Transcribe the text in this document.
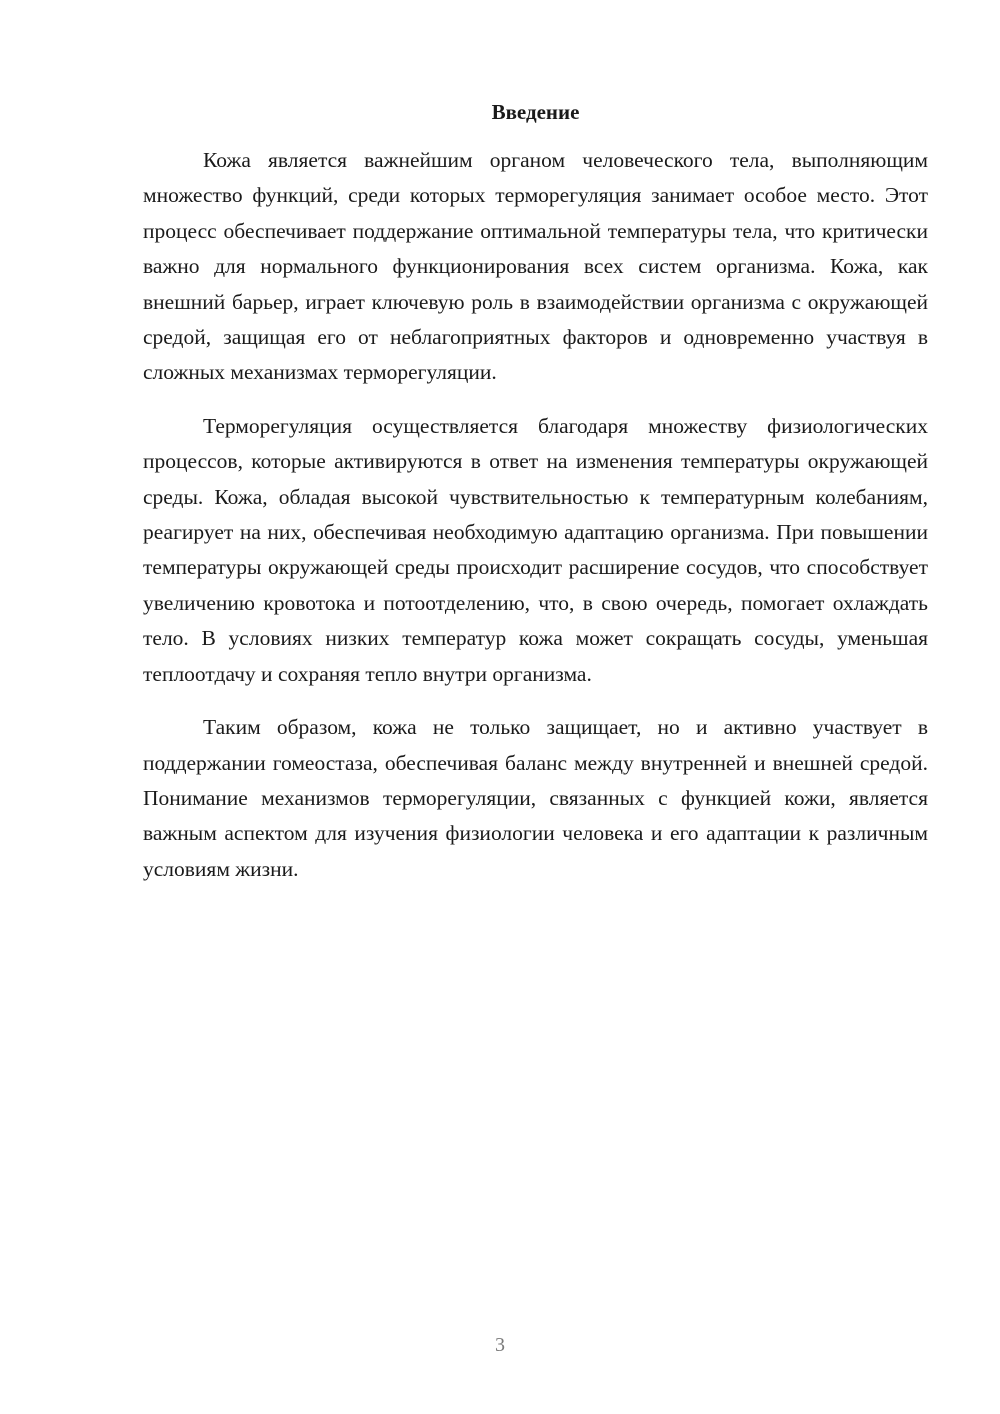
Введение

Кожа является важнейшим органом человеческого тела, выполняющим множество функций, среди которых терморегуляция занимает особое место. Этот процесс обеспечивает поддержание оптимальной температуры тела, что критически важно для нормального функционирования всех систем организма. Кожа, как внешний барьер, играет ключевую роль в взаимодействии организма с окружающей средой, защищая его от неблагоприятных факторов и одновременно участвуя в сложных механизмах терморегуляции.

Терморегуляция осуществляется благодаря множеству физиологических процессов, которые активируются в ответ на изменения температуры окружающей среды. Кожа, обладая высокой чувствительностью к температурным колебаниям, реагирует на них, обеспечивая необходимую адаптацию организма. При повышении температуры окружающей среды происходит расширение сосудов, что способствует увеличению кровотока и потоотделению, что, в свою очередь, помогает охлаждать тело. В условиях низких температур кожа может сокращать сосуды, уменьшая теплоотдачу и сохраняя тепло внутри организма.

Таким образом, кожа не только защищает, но и активно участвует в поддержании гомеостаза, обеспечивая баланс между внутренней и внешней средой. Понимание механизмов терморегуляции, связанных с функцией кожи, является важным аспектом для изучения физиологии человека и его адаптации к различным условиям жизни.

3
